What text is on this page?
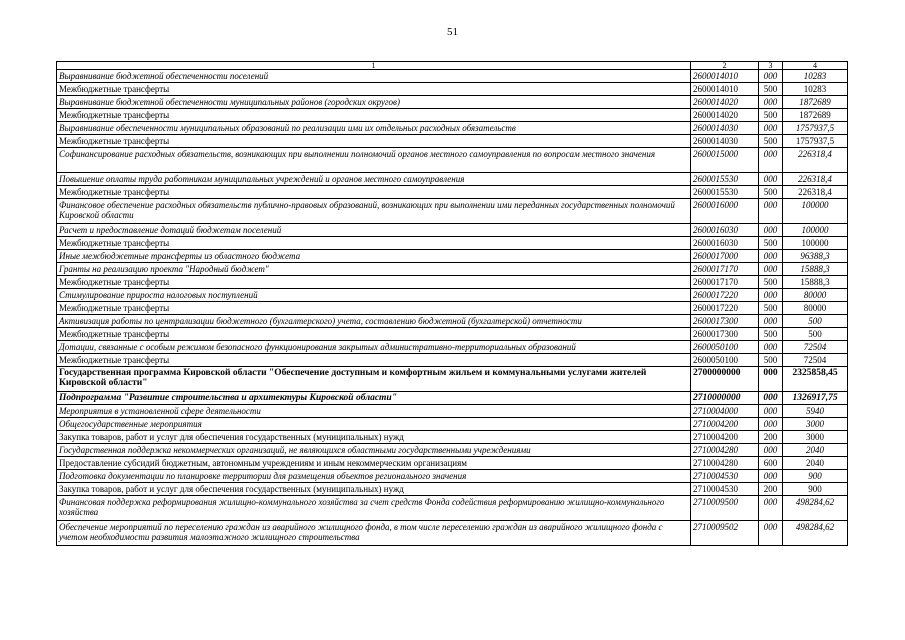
51
1	2	3	4
Выравнивание бюджетной обеспеченности поселений	2600014010	000	10283
Межбюджетные трансферты	2600014010	500	10283
Выравнивание бюджетной обеспеченности муниципальных районов (городских округов)	2600014020	000	1872689
Межбюджетные трансферты	2600014020	500	1872689
Выравнивание обеспеченности муниципальных образований по реализации ими их отдельных расходных обязательств	2600014030	000	1757937,5
Межбюджетные трансферты	2600014030	500	1757937,5
Софинансирование расходных обязательств, возникающих при выполнении полномочий органов местного самоуправления по вопросам местного значения	2600015000	000	226318,4
Повышение оплаты труда работникам муниципальных учреждений и органов местного самоуправления	2600015530	000	226318,4
Межбюджетные трансферты	2600015530	500	226318,4
Финансовое обеспечение расходных обязательств публично-правовых образований, возникающих при выполнении ими переданных государственных полномочий Кировской области	2600016000	000	100000
Расчет и предоставление дотаций бюджетам поселений	2600016030	000	100000
Межбюджетные трансферты	2600016030	500	100000
Иные межбюджетные трансферты из областного бюджета	2600017000	000	96388,3
Гранты на реализацию проекта "Народный бюджет"	2600017170	000	15888,3
Межбюджетные трансферты	2600017170	500	15888,3
Стимулирование прироста налоговых поступлений	2600017220	000	80000
Межбюджетные трансферты	2600017220	500	80000
Активизация работы по централизации бюджетного (бухгалтерского) учета, составлению бюджетной (бухгалтерской) отчетности	2600017300	000	500
Межбюджетные трансферты	2600017300	500	500
Дотации, связанные с особым режимом безопасного функционирования закрытых административно-территориальных образований	2600050100	000	72504
Межбюджетные трансферты	2600050100	500	72504
Государственная программа Кировской области "Обеспечение доступным и комфортным жильем и коммунальными услугами жителей Кировской области"	2700000000	000	2325858,45
Подпрограмма "Развитие строительства и архитектуры Кировской области"	2710000000	000	1326917,75
Мероприятия в установленной сфере деятельности	2710004000	000	5940
Общегосударственные мероприятия	2710004200	000	3000
Закупка товаров, работ и услуг для обеспечения государственных (муниципальных) нужд	2710004200	200	3000
Государственная поддержка некоммерческих организаций, не являющихся областными государственными учреждениями	2710004280	000	2040
Предоставление субсидий бюджетным, автономным учреждениям и иным некоммерческим организациям	2710004280	600	2040
Подготовка документации по планировке территории для размещения объектов регионального значения	2710004530	000	900
Закупка товаров, работ и услуг для обеспечения государственных (муниципальных) нужд	2710004530	200	900
Финансовая поддержка реформирования жилищно-коммунального хозяйства за счет средств Фонда содействия реформированию жилищно-коммунального хозяйства	2710009500	000	498284,62
Обеспечение мероприятий по переселению граждан из аварийного жилищного фонда, в том числе переселению граждан из аварийного жилищного фонда с учетом необходимости развития малоэтажного жилищного строительства	2710009502	000	498284,62
